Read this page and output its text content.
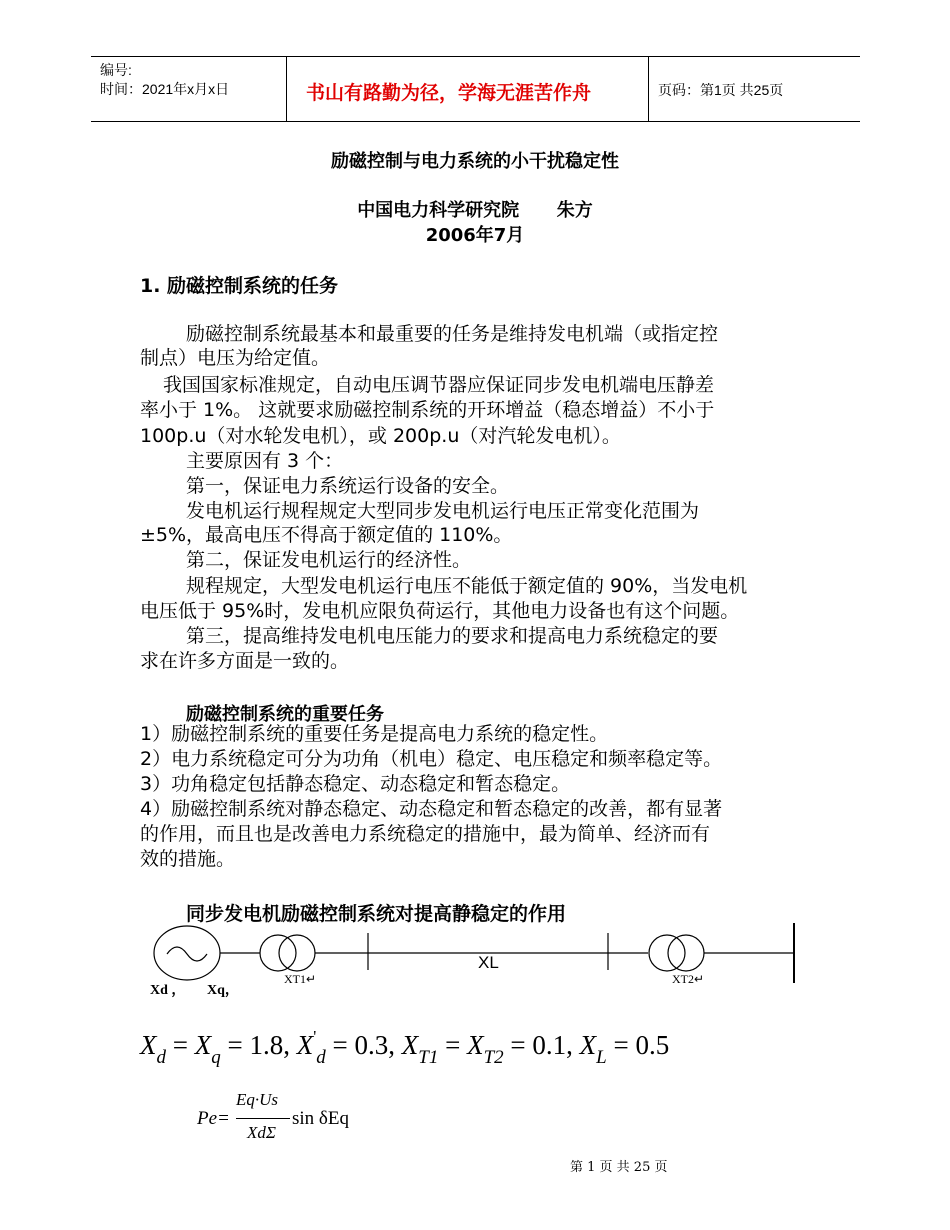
编号:
时间：2021年x月x日	书山有路勤为径，学海无涯苦作舟	页码：第1页 共25页
励磁控制与电力系统的小干扰稳定性
中国电力科学研究院      朱方
2006年7月
1. 励磁控制系统的任务
励磁控制系统最基本和最重要的任务是维持发电机端（或指定控
制点）电压为给定值。
我国国家标准规定，自动电压调节器应保证同步发电机端电压静差
率小于 1%。 这就要求励磁控制系统的开环增益（稳态增益）不小于
100p.u（对水轮发电机），或 200p.u（对汽轮发电机）。
主要原因有 3 个：
第一，保证电力系统运行设备的安全。
发电机运行规程规定大型同步发电机运行电压正常变化范围为
±5%，最高电压不得高于额定值的 110%。
第二，保证发电机运行的经济性。
规程规定，大型发电机运行电压不能低于额定值的 90%，当发电机
电压低于 95%时，发电机应限负荷运行，其他电力设备也有这个问题。
第三，提高维持发电机电压能力的要求和提高电力系统稳定的要
求在许多方面是一致的。
励磁控制系统的重要任务
1）励磁控制系统的重要任务是提高电力系统的稳定性。
2）电力系统稳定可分为功角（机电）稳定、电压稳定和频率稳定等。
3）功角稳定包括静态稳定、动态稳定和暂态稳定。
4）励磁控制系统对静态稳定、动态稳定和暂态稳定的改善，都有显著
的作用，而且也是改善电力系统稳定的措施中，最为简单、经济而有
效的措施。
同步发电机励磁控制系统对提高静稳定的作用
Xd ， Xq，
XT1↵
XL
XT2↵
$X_d = X_q = 1.8$, $X'_d = 0.3$, $X_{T1} = X_{T2} = 0.1$, $X_L = 0.5$
Pe=
Eq·Us
XdΣ
sin δEq
第 1 页 共 25 页
